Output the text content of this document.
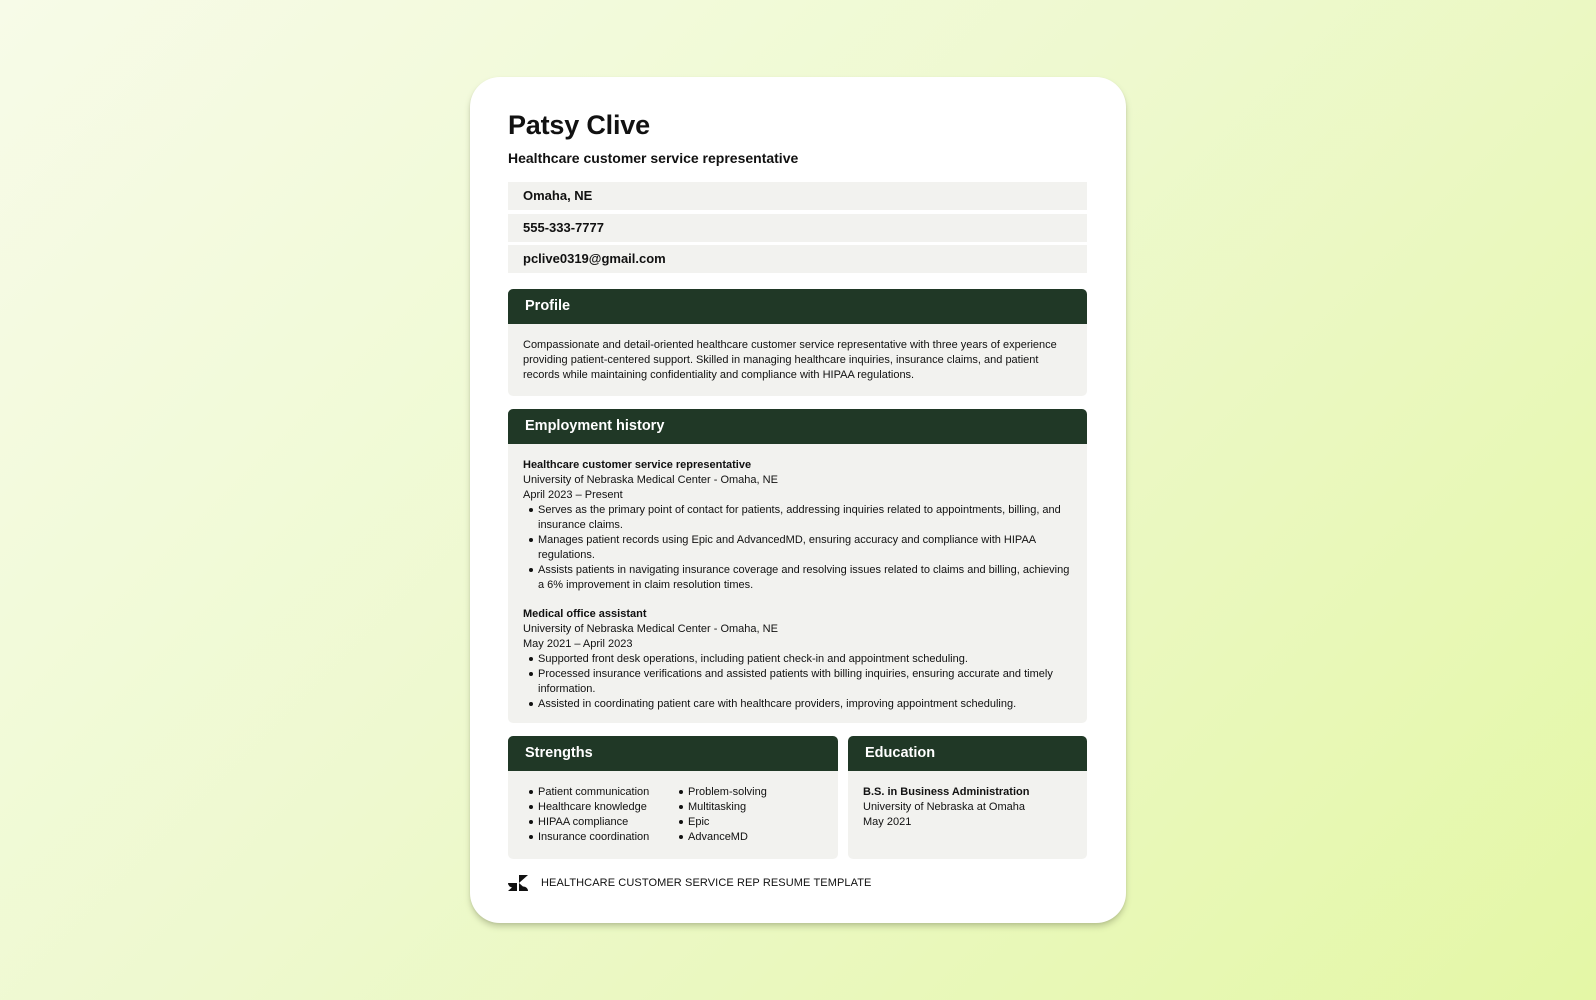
Patsy Clive
Healthcare customer service representative
Omaha, NE
555-333-7777
pclive0319@gmail.com
Profile
Compassionate and detail-oriented healthcare customer service representative with three years of experience providing patient-centered support. Skilled in managing healthcare inquiries, insurance claims, and patient records while maintaining confidentiality and compliance with HIPAA regulations.
Employment history
Healthcare customer service representative
University of Nebraska Medical Center - Omaha, NE
April 2023 – Present
Serves as the primary point of contact for patients, addressing inquiries related to appointments, billing, and insurance claims.
Manages patient records using Epic and AdvancedMD, ensuring accuracy and compliance with HIPAA regulations.
Assists patients in navigating insurance coverage and resolving issues related to claims and billing, achieving a 6% improvement in claim resolution times.
Medical office assistant
University of Nebraska Medical Center - Omaha, NE
May 2021 – April 2023
Supported front desk operations, including patient check-in and appointment scheduling.
Processed insurance verifications and assisted patients with billing inquiries, ensuring accurate and timely information.
Assisted in coordinating patient care with healthcare providers, improving appointment scheduling.
Strengths
Patient communication
Healthcare knowledge
HIPAA compliance
Insurance coordination
Problem-solving
Multitasking
Epic
AdvanceMD
Education
B.S. in Business Administration
University of Nebraska at Omaha
May 2021
HEALTHCARE CUSTOMER SERVICE REP RESUME TEMPLATE
